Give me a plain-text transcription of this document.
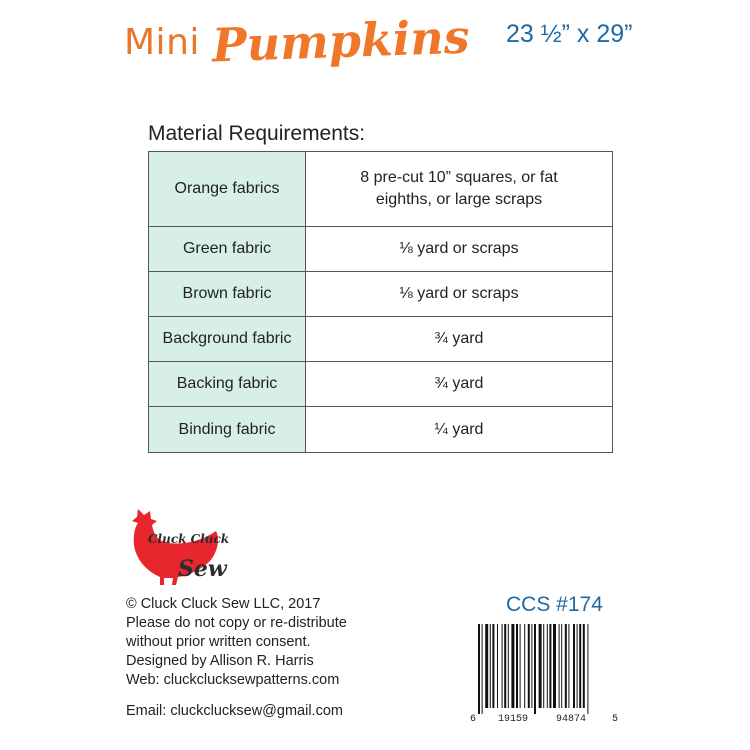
Mini Pumpkins 23 ½” x 29”
Material Requirements:
Orange fabrics	8 pre-cut 10” squares, or fat eighths, or large scraps

Green fabric	⅛ yard or scraps
Brown fabric	⅛ yard or scraps
Background fabric	¾ yard
Backing fabric	¾ yard
Binding fabric	¼ yard
Cluck Cluck
Sew
© Cluck Cluck Sew LLC, 2017
Please do not copy or re-distribute
without prior written consent.
Designed by Allison R. Harris
Web: cluckclucksewpatterns.com
Email: cluckclucksew@gmail.com
CCS #174
6 19159	94874	5
